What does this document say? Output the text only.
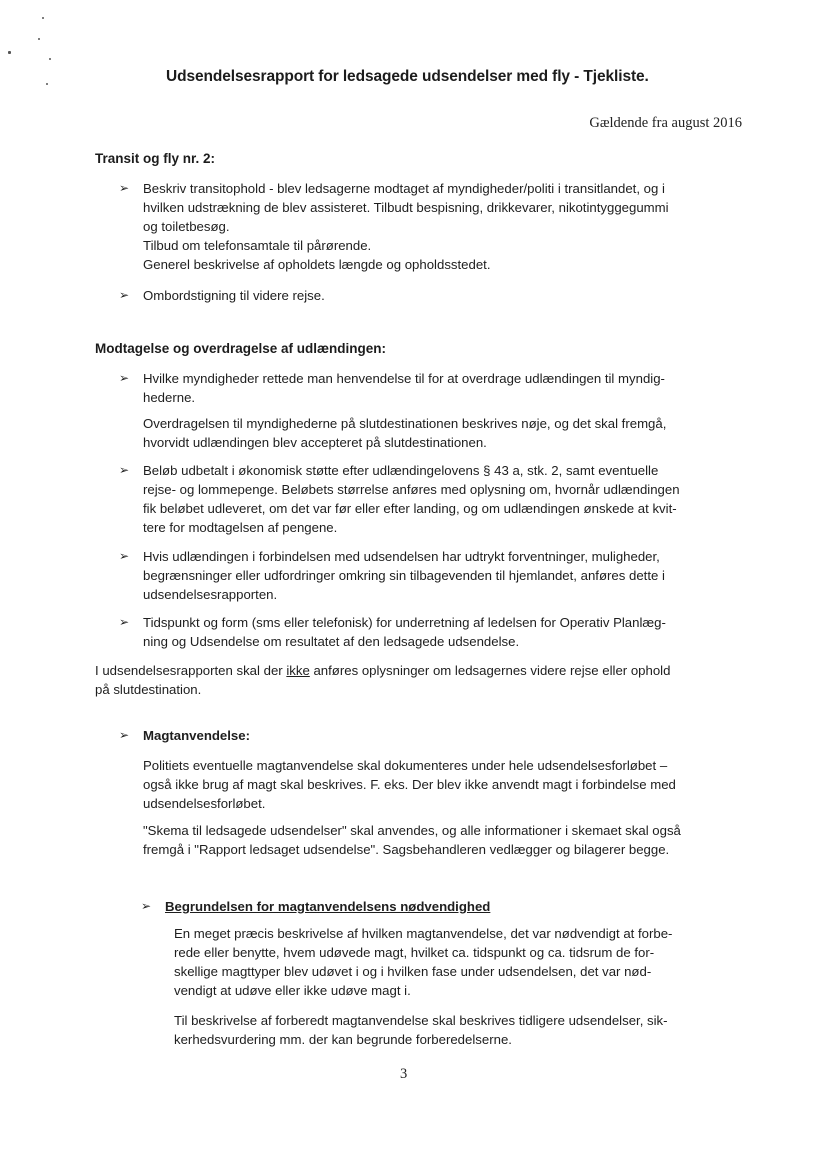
Udsendelsesrapport for ledsagede udsendelser med fly - Tjekliste.
Gældende fra august 2016
Transit og fly nr. 2:
➢ Beskriv transitophold - blev ledsagerne modtaget af myndigheder/politi i transitlandet, og i
hvilken udstrækning de blev assisteret. Tilbudt bespisning, drikkevarer, nikotintyggegummi
og toiletbesøg.
Tilbud om telefonsamtale til pårørende.
Generel beskrivelse af opholdets længde og opholdsstedet.
➢ Ombordstigning til videre rejse.
Modtagelse og overdragelse af udlændingen:
➢ Hvilke myndigheder rettede man henvendelse til for at overdrage udlændingen til myndig-
hederne.
Overdragelsen til myndighederne på slutdestinationen beskrives nøje, og det skal fremgå,
hvorvidt udlændingen blev accepteret på slutdestinationen.
➢ Beløb udbetalt i økonomisk støtte efter udlændingelovens § 43 a, stk. 2, samt eventuelle
rejse- og lommepenge. Beløbets størrelse anføres med oplysning om, hvornår udlændingen
fik beløbet udleveret, om det var før eller efter landing, og om udlændingen ønskede at kvit-
tere for modtagelsen af pengene.
➢ Hvis udlændingen i forbindelsen med udsendelsen har udtrykt forventninger, muligheder,
begrænsninger eller udfordringer omkring sin tilbagevenden til hjemlandet, anføres dette i
udsendelsesrapporten.
➢ Tidspunkt og form (sms eller telefonisk) for underretning af ledelsen for Operativ Planlæg-
ning og Udsendelse om resultatet af den ledsagede udsendelse.
I udsendelsesrapporten skal der ikke anføres oplysninger om ledsagernes videre rejse eller ophold
på slutdestination.
➢ Magtanvendelse:
Politiets eventuelle magtanvendelse skal dokumenteres under hele udsendelsesforløbet –
også ikke brug af magt skal beskrives. F. eks. Der blev ikke anvendt magt i forbindelse med
udsendelsesforløbet.
"Skema til ledsagede udsendelser" skal anvendes, og alle informationer i skemaet skal også
fremgå i "Rapport ledsaget udsendelse". Sagsbehandleren vedlægger og bilagerer begge.
➢ Begrundelsen for magtanvendelsens nødvendighed
En meget præcis beskrivelse af hvilken magtanvendelse, det var nødvendigt at forbe-
rede eller benytte, hvem udøvede magt, hvilket ca. tidspunkt og ca. tidsrum de for-
skellige magttyper blev udøvet i og i hvilken fase under udsendelsen, det var nød-
vendigt at udøve eller ikke udøve magt i.
Til beskrivelse af forberedt magtanvendelse skal beskrives tidligere udsendelser, sik-
kerhedsvurdering mm. der kan begrunde forberedelserne.
3
